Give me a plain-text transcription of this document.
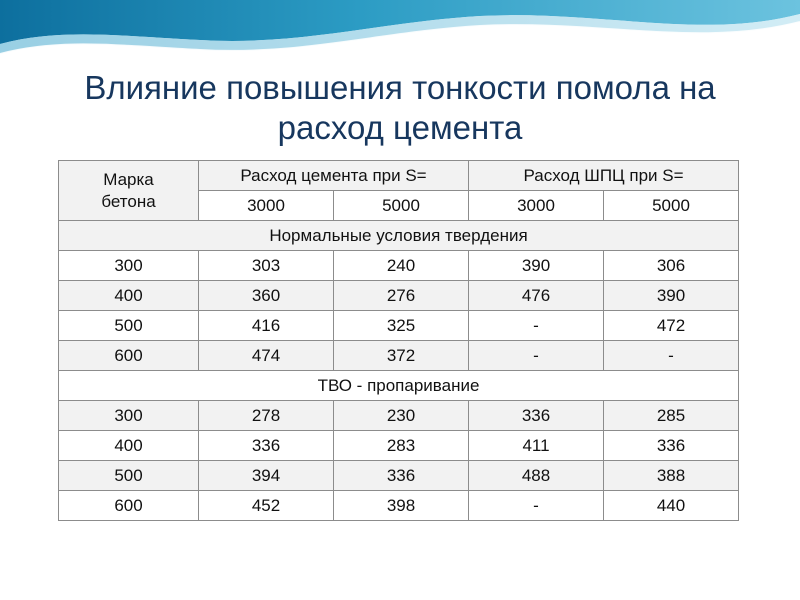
Влияние повышения тонкости помола на
расход цемента
Марка
бетона	Расход цемента при S=		Расход ШПЦ при S=	
	3000	5000	3000	5000
Нормальные условия твердения				
300	303	240	390	306
400	360	276	476	390
500	416	325	-	472
600	474	372	-	-
ТВО - пропаривание				
300	278	230	336	285
400	336	283	411	336
500	394	336	488	388
600	452	398	-	440
